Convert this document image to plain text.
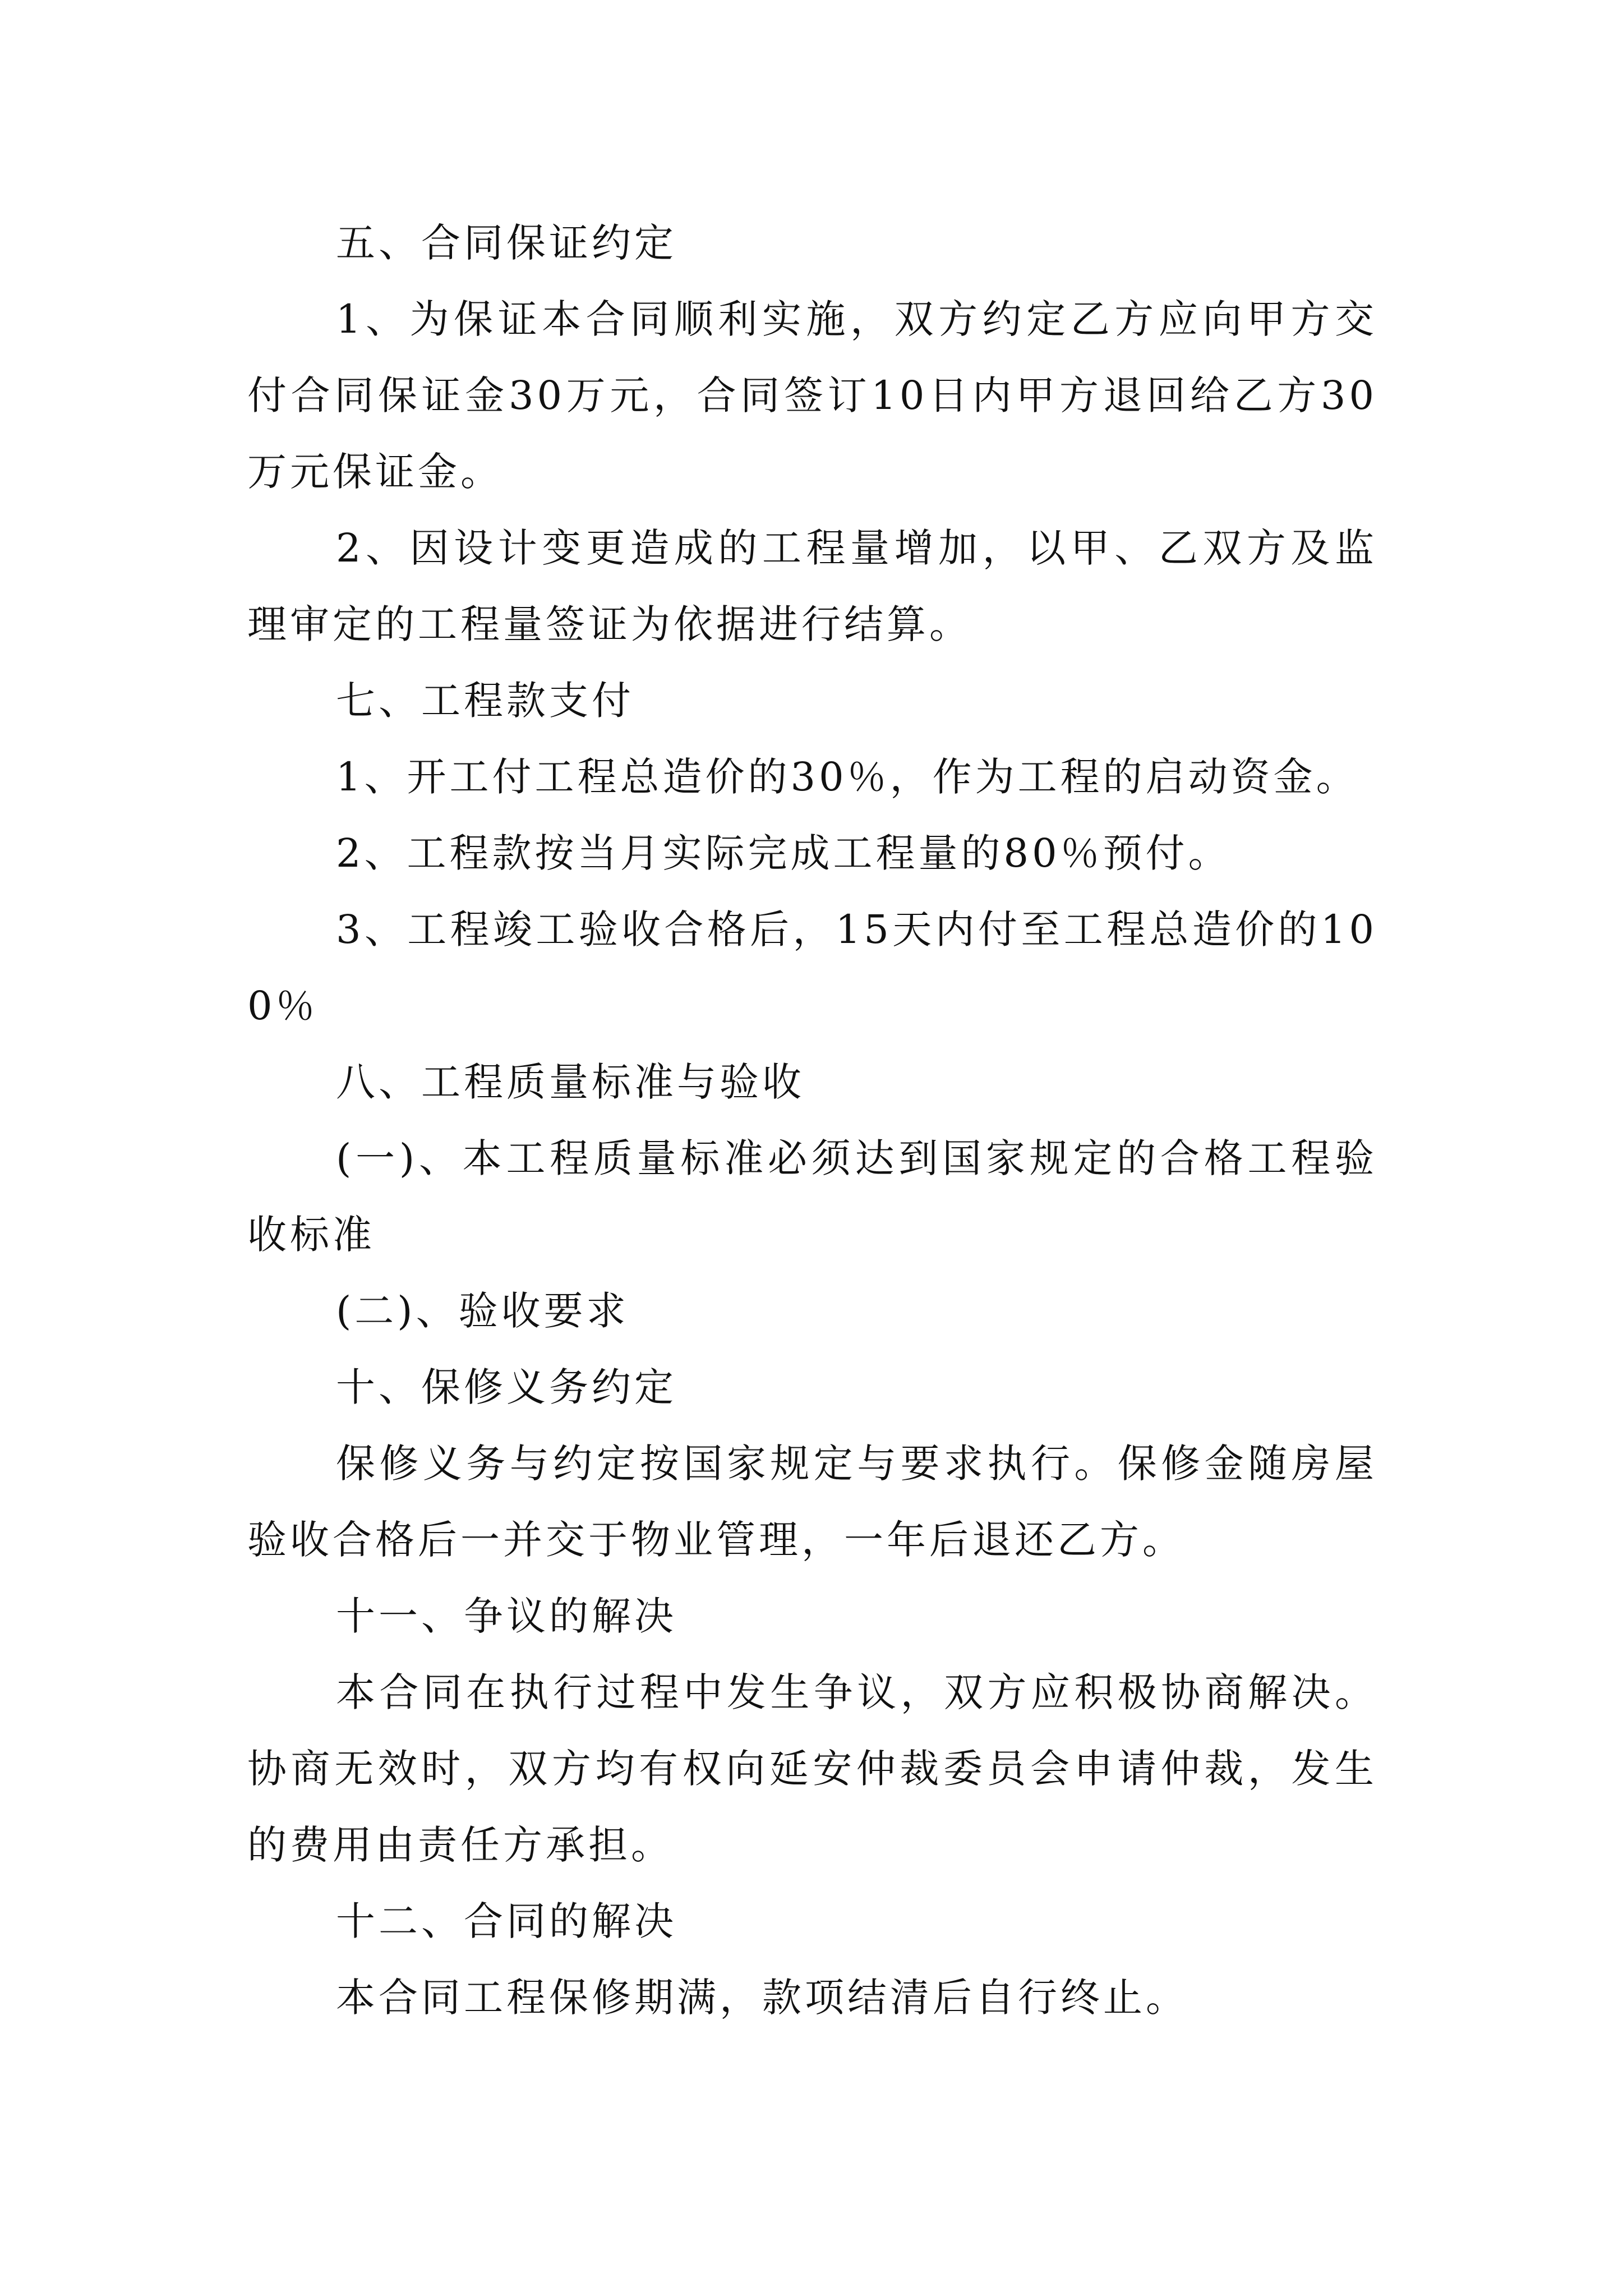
五、合同保证约定

1、为保证本合同顺利实施，双方约定乙方应向甲方交付合同保证金30万元，合同签订10日内甲方退回给乙方30万元保证金。

2、因设计变更造成的工程量增加，以甲、乙双方及监理审定的工程量签证为依据进行结算。

七、工程款支付

1、开工付工程总造价的30％，作为工程的启动资金。

2、工程款按当月实际完成工程量的80％预付。

3、工程竣工验收合格后，15天内付至工程总造价的100％

八、工程质量标准与验收

(一)、本工程质量标准必须达到国家规定的合格工程验收标准

(二)、验收要求

十、保修义务约定

保修义务与约定按国家规定与要求执行。保修金随房屋验收合格后一并交于物业管理，一年后退还乙方。

十一、争议的解决

本合同在执行过程中发生争议，双方应积极协商解决。协商无效时，双方均有权向延安仲裁委员会申请仲裁，发生的费用由责任方承担。

十二、合同的解决

本合同工程保修期满，款项结清后自行终止。
